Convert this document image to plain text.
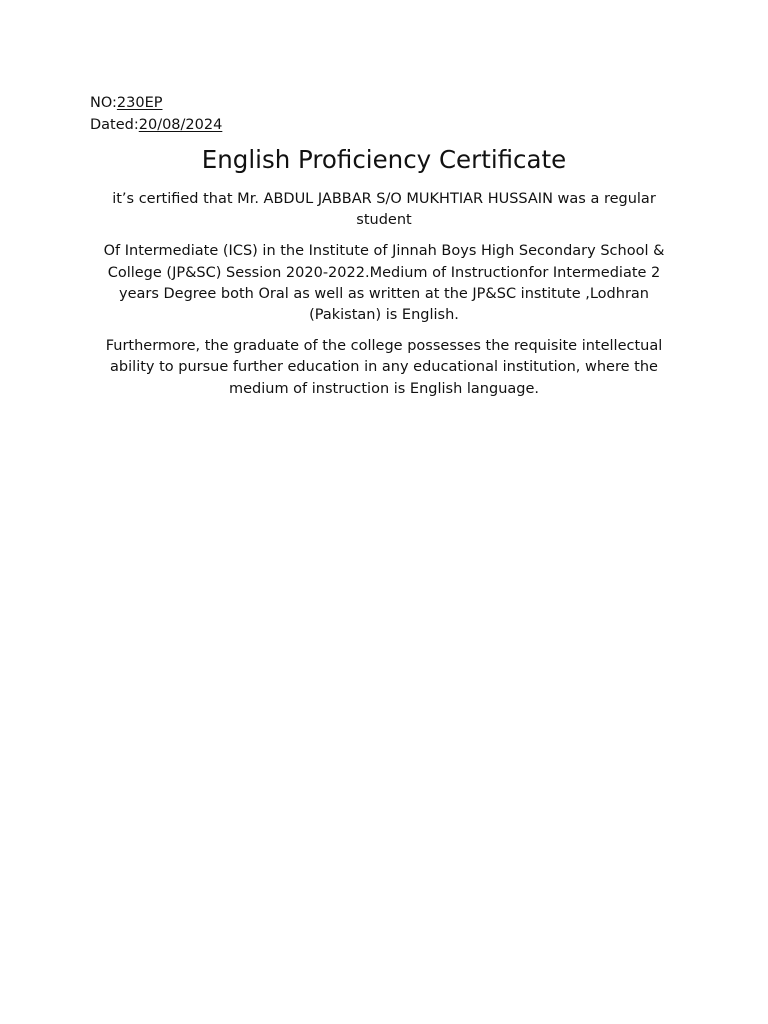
NO:230EP
Dated:20/08/2024
English Proficiency Certificate

it’s certified that Mr. ABDUL JABBAR S/O MUKHTIAR HUSSAIN was a regular student

Of Intermediate (ICS) in the Institute of Jinnah Boys High Secondary School & College (JP&SC) Session 2020-2022.Medium of Instructionfor Intermediate 2 years Degree both Oral as well as written at the JP&SC institute ,Lodhran (Pakistan) is English.

Furthermore, the graduate of the college possesses the requisite intellectual ability to pursue further education in any educational institution, where the medium of instruction is English language.
